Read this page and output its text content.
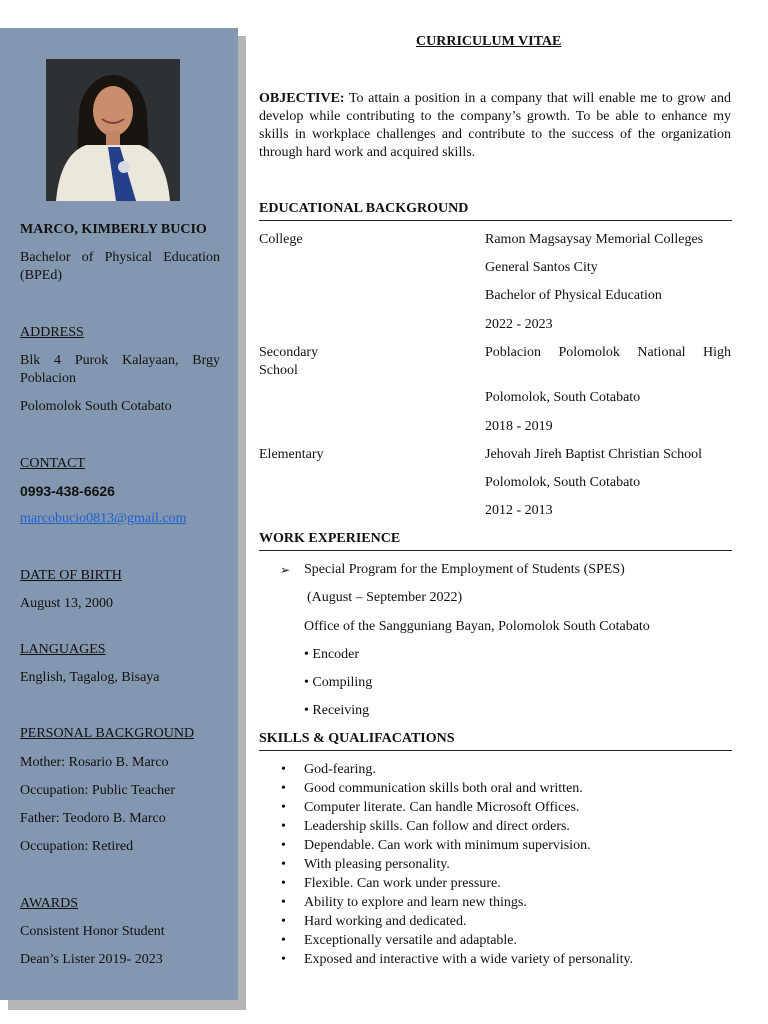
MARCO, KIMBERLY BUCIO
Bachelor of Physical Education (BPEd)
ADDRESS
Blk 4 Purok Kalayaan, Brgy Poblacion
Polomolok South Cotabato
CONTACT
0993-438-6626
marcobucio0813@gmail.com
DATE OF BIRTH
August 13, 2000
LANGUAGES
English, Tagalog, Bisaya
PERSONAL BACKGROUND
Mother: Rosario B. Marco
Occupation: Public Teacher
Father: Teodoro B. Marco
Occupation: Retired
AWARDS
Consistent Honor Student
Dean’s Lister 2019- 2023
CURRICULUM VITAE
OBJECTIVE: To attain a position in a company that will enable me to grow and develop while contributing to the company’s growth. To be able to enhance my skills in workplace challenges and contribute to the success of the organization through hard work and acquired skills.
EDUCATIONAL BACKGROUND
College	Ramon Magsaysay Memorial Colleges
General Santos City
Bachelor of Physical Education
2022 - 2023
Secondary School
Poblacion Polomolok National High
Polomolok, South Cotabato
2018 - 2019
Elementary	Jehovah Jireh Baptist Christian School
Polomolok, South Cotabato
2012 - 2013
WORK EXPERIENCE
➢ Special Program for the Employment of Students (SPES)
(August – September 2022)
Office of the Sangguniang Bayan, Polomolok South Cotabato
• Encoder
• Compiling
• Receiving
SKILLS & QUALIFACATIONS
• God-fearing.
• Good communication skills both oral and written.
• Computer literate. Can handle Microsoft Offices.
• Leadership skills. Can follow and direct orders.
• Dependable. Can work with minimum supervision.
• With pleasing personality.
• Flexible. Can work under pressure.
• Ability to explore and learn new things.
• Hard working and dedicated.
• Exceptionally versatile and adaptable.
• Exposed and interactive with a wide variety of personality.
